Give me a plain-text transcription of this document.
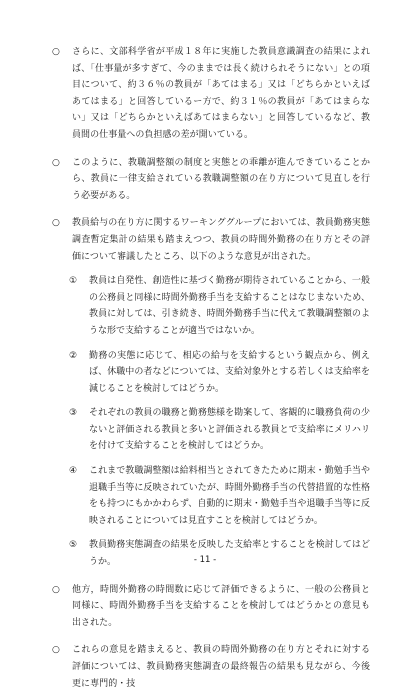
○	さらに、文部科学省が平成１８年に実施した教員意識調査の結果によれば、「仕事量が多すぎて、今のままでは長く続けられそうにない」との項目について、約３６％の教員が「あてはまる」又は「どちらかといえばあてはまる」と回答しているー方で、約３１％の教員が「あてはまらない」又は「どちらかといえばあてはまらない」と回答しているなど、教員間の仕事量への負担感の差が開いている。
○	このように、教職調整額の制度と実態との乖離が進んできていることから、教員に一律支給されている教職調整額の在り方について見直しを行う必要がある。
○	教員給与の在り方に関するワーキンググループにおいては、教員勤務実態調査暫定集計の結果も踏まえつつ、教員の時間外勤務の在り方とその評価について審議したところ、以下のような意見が出された。
①	教員は自発性、創造性に基づく勤務が期待されていることから、一般の公務員と同様に時間外勤務手当を支給することはなじまないため、教員に対しては、引き続き、時間外勤務手当に代えて教職調整額のような形で支給することが適当ではないか。
②	勤務の実態に応じて、相応の給与を支給するという観点から、例えば、休職中の者などについては、支給対象外とする若しくは支給率を減じることを検討してはどうか。
③	それぞれの教員の職務と勤務態様を勘案して、客観的に職務負荷の少ないと評価される教員と多いと評価される教員とで支給率にメリハリを付けて支給することを検討してはどうか。
④	これまで教職調整額は給料相当とされてきたために期末・勤勉手当や退職手当等に反映されていたが、時間外勤務手当の代替措置的な性格をも持つにもかかわらず、自動的に期末・勤勉手当や退職手当等に反映されることについては見直すことを検討してはどうか。
⑤	教員勤務実態調査の結果を反映した支給率とすることを検討してはどうか。
○	他方，時間外勤務の時間数に応じて評価できるように、一般の公務員と同様に、時間外勤務手当を支給することを検討してはどうかとの意見も出された。
○	これらの意見を踏まえると、教員の時間外勤務の在り方とそれに対する評価については、教員勤務実態調査の最終報告の結果も見ながら、今後更に専門的・技
- 11 -
